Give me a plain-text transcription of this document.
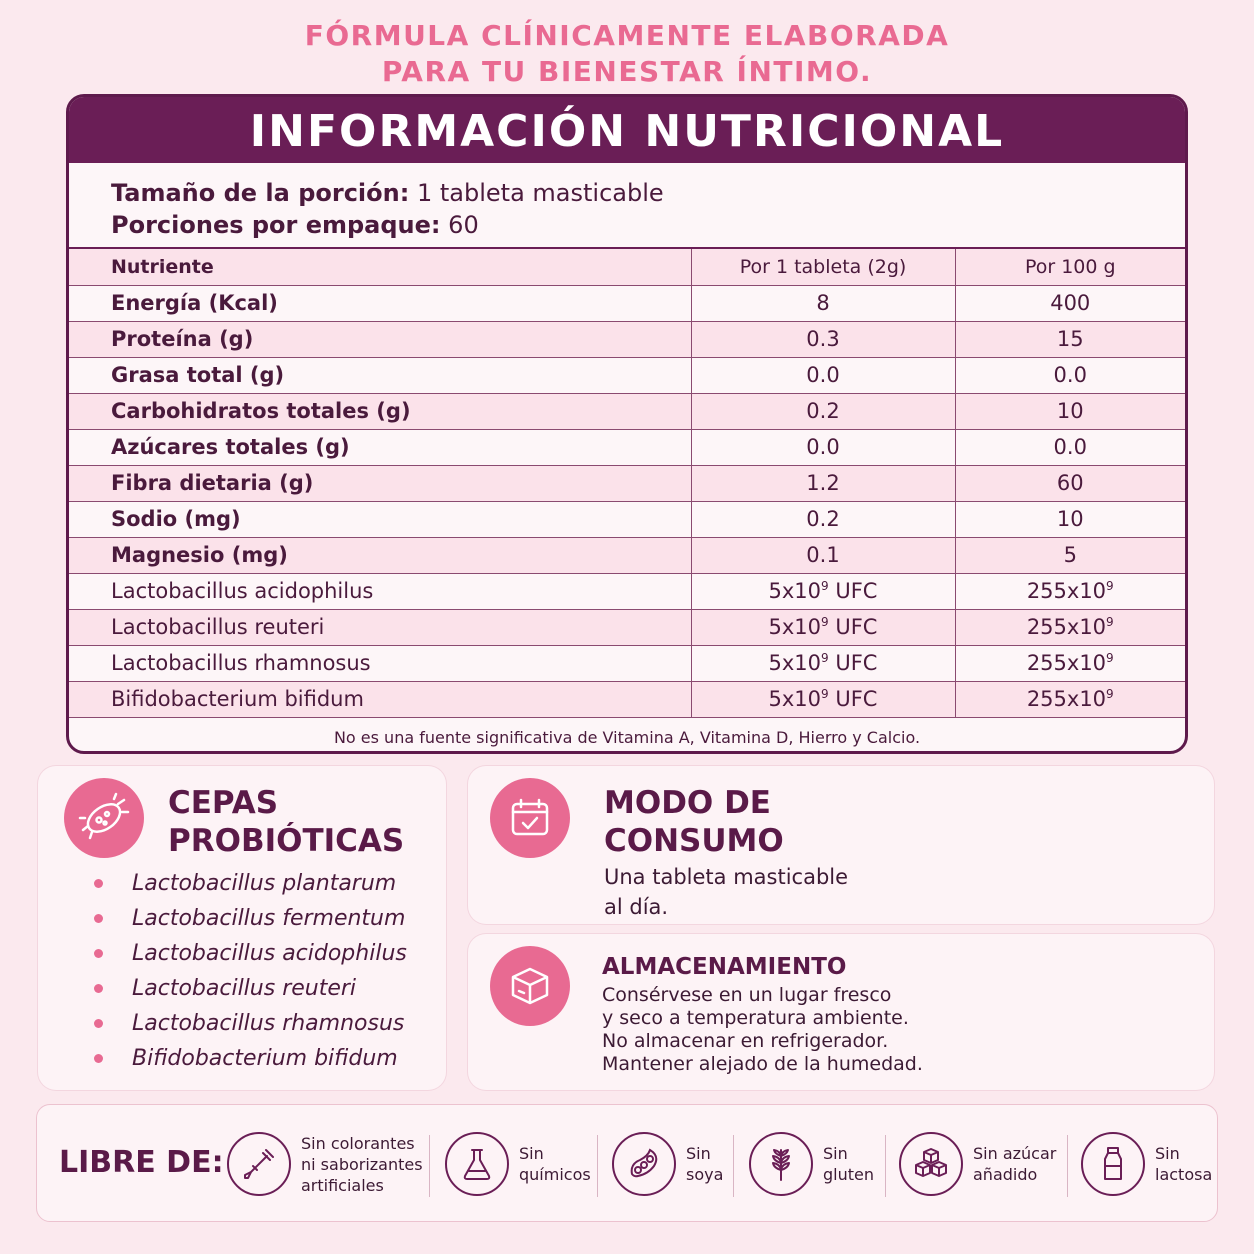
FÓRMULA CLÍNICAMENTE ELABORADA
PARA TU BIENESTAR ÍNTIMO.
INFORMACIÓN NUTRICIONAL
Tamaño de la porción: 1 tableta masticable
Porciones por empaque: 60
Nutriente	Por 1 tableta (2g)	Por 100 g
Energía (Kcal)	8	400
Proteína (g)	0.3	15
Grasa total (g)	0.0	0.0
Carbohidratos totales (g)	0.2	10
Azúcares totales (g)	0.0	0.0
Fibra dietaria (g)	1.2	60
Sodio (mg)	0.2	10
Magnesio (mg)	0.1	5
Lactobacillus acidophilus	$5x10^9$ UFC	$255x10^9$
Lactobacillus reuteri	$5x10^9$ UFC	$255x10^9$
Lactobacillus rhamnosus	$5x10^9$ UFC	$255x10^9$
Bifidobacterium bifidum	$5x10^9$ UFC	$255x10^9$
No es una fuente significativa de Vitamina A, Vitamina D, Hierro y Calcio.
CEPAS
PROBIÓTICAS
Lactobacillus plantarum
Lactobacillus fermentum
Lactobacillus acidophilus
Lactobacillus reuteri
Lactobacillus rhamnosus
Bifidobacterium bifidum
MODO DE
CONSUMO
Una tableta masticable
al día.
ALMACENAMIENTO
Consérvese en un lugar fresco
y seco a temperatura ambiente.
No almacenar en refrigerador.
Mantener alejado de la humedad.
LIBRE DE:
Sin colorantes
ni saborizantes
artificiales
Sin
químicos
Sin
soya
Sin
gluten
Sin azúcar
añadido
Sin
lactosa
